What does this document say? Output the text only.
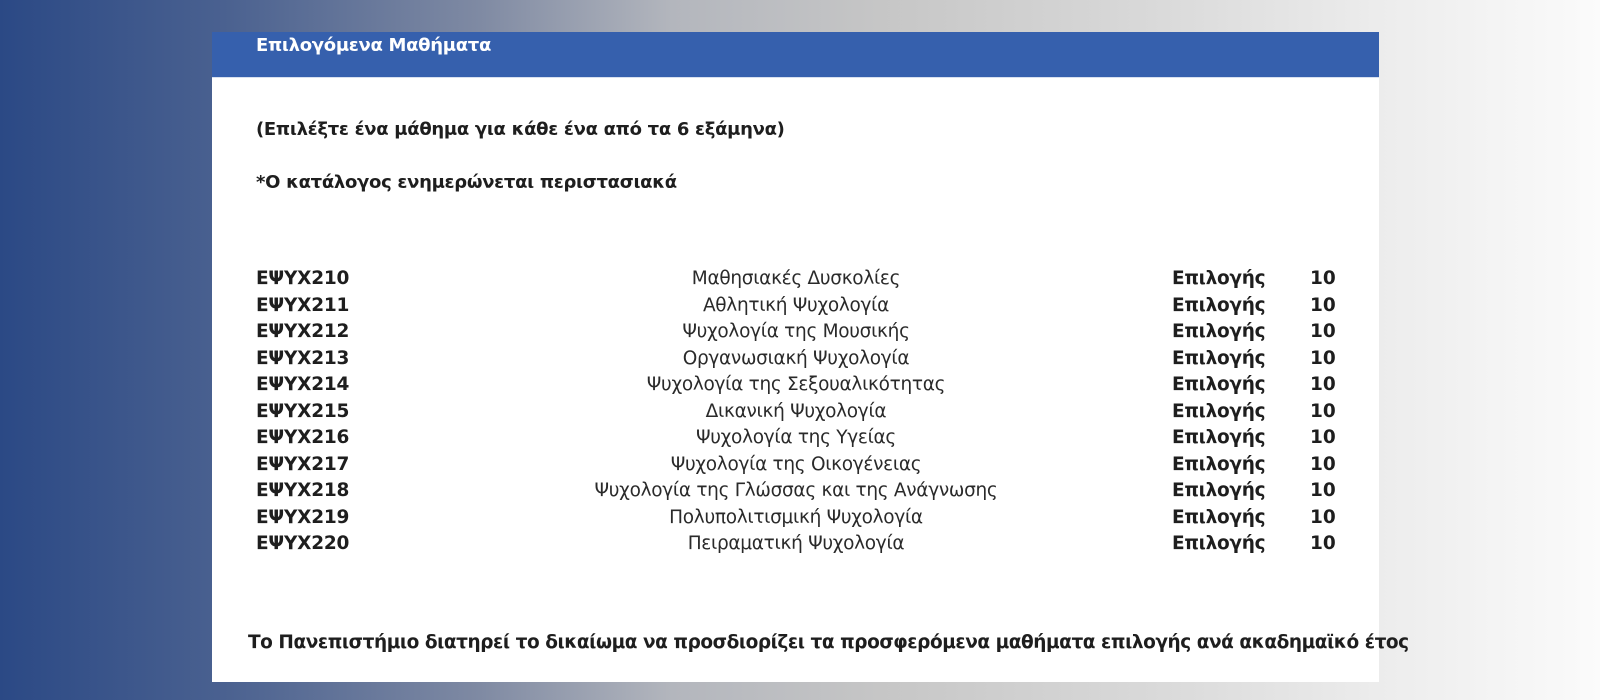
Επιλογόμενα Μαθήματα
(Επιλέξτε ένα μάθημα για κάθε ένα από τα 6 εξάμηνα)
*Ο κατάλογος ενημερώνεται περιστασιακά
ΕΨΥΧ210	Μαθησιακές Δυσκολίες	Επιλογής 10
ΕΨΥΧ211	Αθλητική Ψυχολογία	Επιλογής 10
ΕΨΥΧ212	Ψυχολογία της Μουσικής	Επιλογής 10
ΕΨΥΧ213	Οργανωσιακή Ψυχολογία	Επιλογής 10
ΕΨΥΧ214	Ψυχολογία της Σεξουαλικότητας	Επιλογής 10
ΕΨΥΧ215	Δικανική Ψυχολογία	Επιλογής 10
ΕΨΥΧ216	Ψυχολογία της Υγείας	Επιλογής 10
ΕΨΥΧ217	Ψυχολογία της Οικογένειας	Επιλογής 10
ΕΨΥΧ218	Ψυχολογία της Γλώσσας και της Ανάγνωσης	Επιλογής 10
ΕΨΥΧ219	Πολυπολιτισμική Ψυχολογία	Επιλογής 10
ΕΨΥΧ220	Πειραματική Ψυχολογία	Επιλογής 10
Το Πανεπιστήμιο διατηρεί το δικαίωμα να προσδιορίζει τα προσφερόμενα μαθήματα επιλογής ανά ακαδημαϊκό έτος
